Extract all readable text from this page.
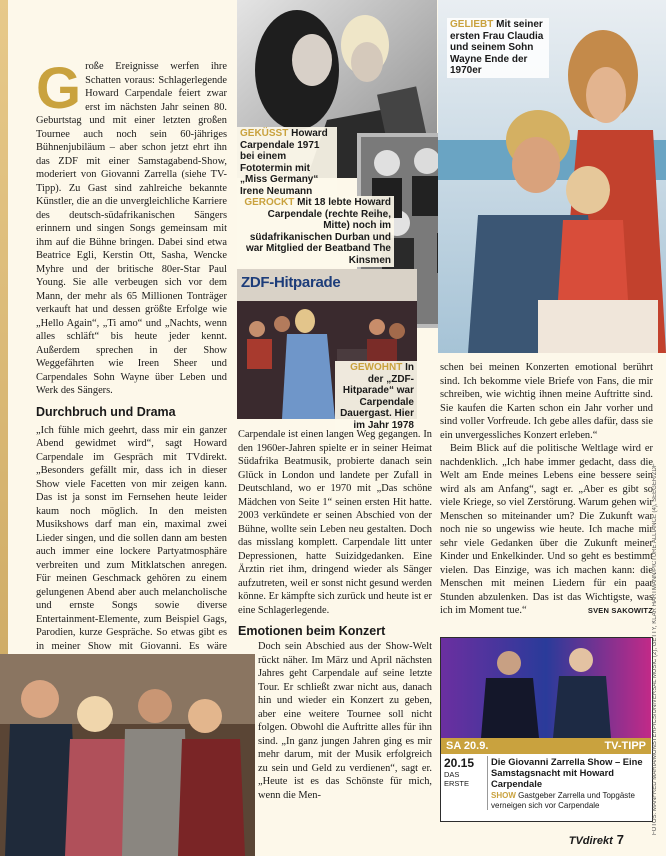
G roße Ereignisse werfen ihre Schatten voraus: Schlagerlegende Howard Carpendale feiert zwar erst im nächsten Jahr seinen 80. Geburtstag und mit einer letzten großen Tournee auch noch sein 60-jähriges Bühnenjubiläum – aber schon jetzt ehrt ihn das ZDF mit einer Samstagabend-Show, moderiert von Giovanni Zarrella (siehe TV-Tipp). Zu Gast sind zahlreiche bekannte Künstler, die an die unvergleichliche Karriere des deutsch-südafrikanischen Sängers erinnern und singen Songs gemeinsam mit ihm auf die Bühne bringen. Dabei sind etwa Beatrice Egli, Kerstin Ott, Sasha, Wencke Myhre und der britische 80er-Star Paul Young. Sie alle verbeugen sich vor dem Mann, der mehr als 65 Millionen Tonträger verkauft hat und dessen größte Erfolge wie „Hello Again“, „Ti amo“ und „Nachts, wenn alles schläft“ bis heute jeder kennt. Außerdem sprechen in der Show Weggefährten wie Ireen Sheer und Carpendales Sohn Wayne über Leben und Werk des Sängers.

Durchbruch und Drama

„Ich fühle mich geehrt, dass mir ein ganzer Abend gewidmet wird“, sagt Howard Carpendale im Gespräch mit TVdirekt. „Besonders gefällt mir, dass ich in dieser Show viele Facetten von mir zeigen kann. Das ist ja sonst im Fernsehen heute leider kaum noch möglich. In den meisten Musikshows darf man ein, maximal zwei Lieder singen, und die sollen dann am besten auch immer eine lockere Partyatmosphäre verbreiten und zum Mitklatschen anregen. Für meinen Geschmack gehören zu einem gelungenen Abend aber auch melancholische und ernste Songs sowie diverse Entertainment-Elemente, zum Beispiel Gags, Parodien, kurze Gespräche. So etwas gibt es in meiner Show mit Giovanni. Es wäre

GEKÜSST Howard Carpendale 1971 bei einem Fototermin mit „Miss Germany“ Irene Neumann
GEROCKT Mit 18 lebte Howard Carpendale (rechte Reihe, Mitte) noch im südafrikanischen Durban und war Mitglied der Beatband The Kinsmen
GELIEBT Mit seiner ersten Frau Claudia und seinem Sohn Wayne Ende der 1970er
ZDF-Hitparade
GEWOHNT In der „ZDF-Hitparade“ war Carpendale Dauergast. Hier im Jahr 1978

Carpendale ist einen langen Weg gegangen. In den 1960er-Jahren spielte er in seiner Heimat Südafrika Beatmusik, probierte danach sein Glück in London und landete per Zufall in Deutschland, wo er 1970 mit „Das schöne Mädchen von Seite 1“ seinen ersten Hit hatte. 2003 verkündete er seinen Abschied von der Bühne, wollte sein Leben neu gestalten. Doch das misslang komplett. Carpendale litt unter Depressionen, hatte Suizidgedanken. Eine Ärztin riet ihm, dringend wieder als Sänger aufzutreten, weil er sonst nicht gesund werden könne. Er kämpfte sich zurück und heute ist er eine Schlagerlegende.

Emotionen beim Konzert

Doch sein Abschied aus der Show-Welt rückt näher. Im März und April nächsten Jahres geht Carpendale auf seine letzte Tour. Er schließt zwar nicht aus, danach hin und wieder ein Konzert zu geben, aber eine weitere Tournee soll nicht folgen. Obwohl die Auftritte alles für ihn sind. „In ganz jungen Jahren ging es mir mehr darum, mit der Musik erfolgreich zu sein und Geld zu verdienen“, sagt er. „Heute ist es das Schönste für mich, wenn die Men-

schen bei meinen Konzerten emotional berührt sind. Ich bekomme viele Briefe von Fans, die mir schreiben, wie wichtig ihnen meine Auftritte sind. Sie kaufen die Karten schon ein Jahr vorher und sind voller Vorfreude. Ich gebe alles dafür, dass sie ein unvergessliches Konzert erleben.“

Beim Blick auf die politische Weltlage wird er nachdenklich. „Ich habe immer gedacht, dass die Welt am Ende meines Lebens eine bessere sein wird als am Anfang“, sagt er. „Aber es gibt so viele Kriege, so viel Zerstörung. Warum gehen wir Menschen so miteinander um? Die Zukunft war noch nie so ungewiss wie heute. Ich mache mir sehr viele Gedanken über die Zukunft meiner Kinder und Enkelkinder. Und so geht es bestimmt vielen. Das Einzige, was ich machen kann: die Menschen mit meinen Liedern für ein paar Stunden abzulenken. Das ist das Wichtigste, was ich im Moment tue.“	SVEN SAKOWITZ

SA 20.9.	TV-TIPP
20.15
DAS ERSTE
Die Giovanni Zarrella Show – Eine Samstagsnacht mit Howard Carpendale
SHOW Gastgeber Zarrella und Topgäste verneigen sich vor Carpendale	FOTOS: MANFRED MARIA/MONSTERPICS/UNIVERSAL MUSIC (2), GETTY, KLAR HARTMANN/PICTURE ALLIANCE (4), SEEGER/ZDF
TVdirekt 7
